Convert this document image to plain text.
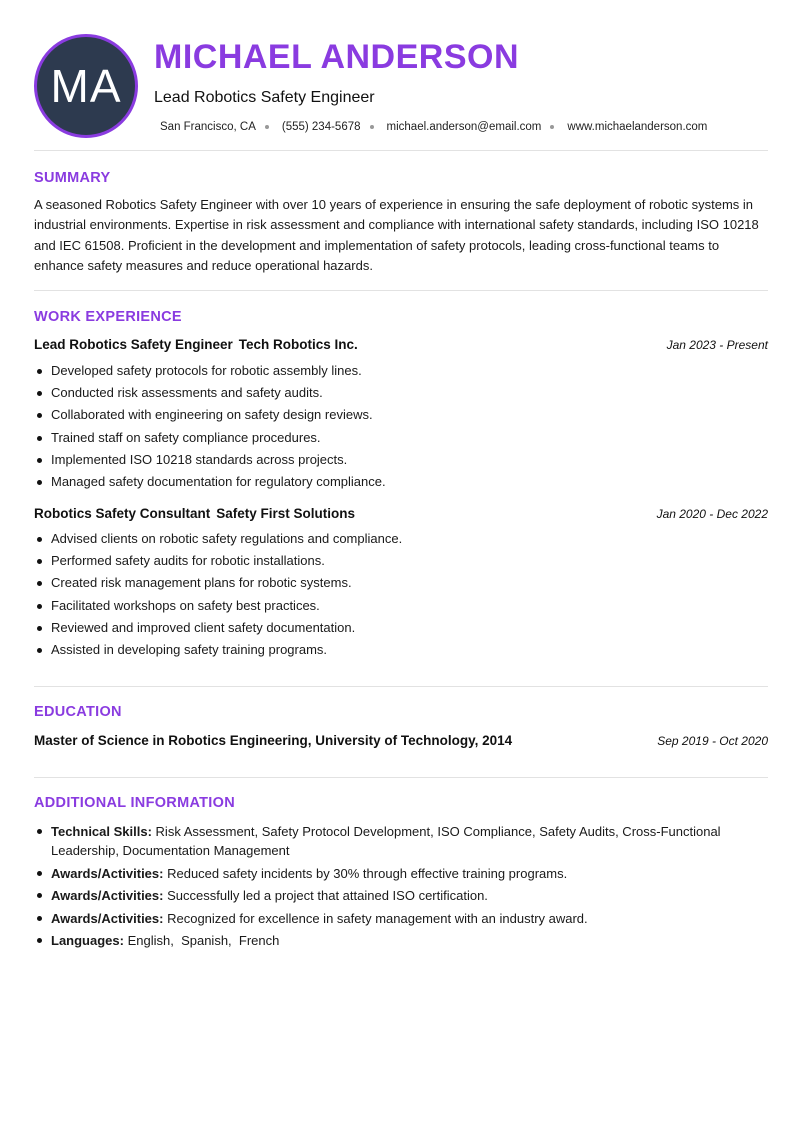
MA
MICHAEL ANDERSON
Lead Robotics Safety Engineer
San Francisco, CA (555) 234-5678 michael.anderson@email.com www.michaelanderson.com
SUMMARY

A seasoned Robotics Safety Engineer with over 10 years of experience in ensuring the safe deployment of robotic systems in industrial environments. Expertise in risk assessment and compliance with international safety standards, including ISO 10218 and IEC 61508. Proficient in the development and implementation of safety protocols, leading cross-functional teams to enhance safety measures and reduce operational hazards.

WORK EXPERIENCE
Lead Robotics Safety Engineer Tech Robotics Inc.	Jan 2023 - Present
Developed safety protocols for robotic assembly lines.
Conducted risk assessments and safety audits.
Collaborated with engineering on safety design reviews.
Trained staff on safety compliance procedures.
Implemented ISO 10218 standards across projects.
Managed safety documentation for regulatory compliance.
Robotics Safety Consultant Safety First Solutions	Jan 2020 - Dec 2022
Advised clients on robotic safety regulations and compliance.
Performed safety audits for robotic installations.
Created risk management plans for robotic systems.
Facilitated workshops on safety best practices.
Reviewed and improved client safety documentation.
Assisted in developing safety training programs.
EDUCATION
Master of Science in Robotics Engineering, University of Technology, 2014	Sep 2019 - Oct 2020
ADDITIONAL INFORMATION
Technical Skills: Risk Assessment, Safety Protocol Development, ISO Compliance, Safety Audits, Cross-Functional Leadership, Documentation Management
Awards/Activities: Reduced safety incidents by 30% through effective training programs.
Awards/Activities: Successfully led a project that attained ISO certification.
Awards/Activities: Recognized for excellence in safety management with an industry award.
Languages: English,  Spanish,  French
